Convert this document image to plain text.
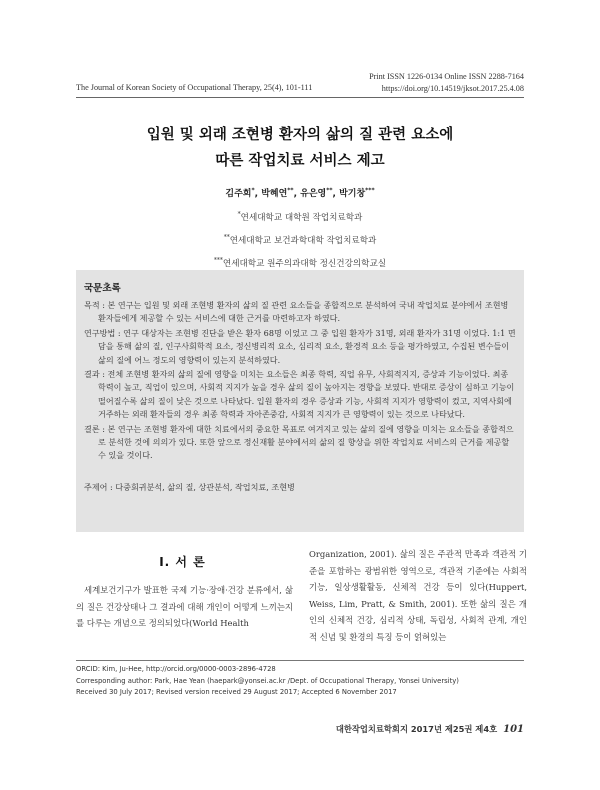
Print ISSN 1226-0134 Online ISSN 2288-7164
https://doi.org/10.14519/jksot.2017.25.4.08
The Journal of Korean Society of Occupational Therapy, 25(4), 101-111
입원 및 외래 조현병 환자의 삶의 질 관련 요소에
따른 작업치료 서비스 제고
김주희*, 박혜연**, 유은영**, 박기창***
*연세대학교 대학원 작업치료학과
**연세대학교 보건과학대학 작업치료학과
***연세대학교 원주의과대학 정신건강의학교실
국문초록
목적 : 본 연구는 입원 및 외래 조현병 환자의 삶의 질 관련 요소들을 종합적으로 분석하여 국내 작업치료 분야에서 조현병 환자들에게 제공할 수 있는 서비스에 대한 근거를 마련하고자 하였다.
연구방법 : 연구 대상자는 조현병 진단을 받은 환자 68명 이었고 그 중 입원 환자가 31명, 외래 환자가 31명 이었다. 1:1 면담을 통해 삶의 질, 인구사회학적 요소, 정신병리적 요소, 심리적 요소, 환경적 요소 등을 평가하였고, 수집된 변수들이 삶의 질에 어느 정도의 영향력이 있는지 분석하였다.
결과 : 전체 조현병 환자의 삶의 질에 영향을 미치는 요소들은 최종 학력, 직업 유무, 사회적지지, 증상과 기능이었다. 최종 학력이 높고, 직업이 있으며, 사회적 지지가 높을 경우 삶의 질이 높아지는 경향을 보였다. 반대로 증상이 심하고 기능이 떨어질수록 삶의 질이 낮은 것으로 나타났다. 입원 환자의 경우 증상과 기능, 사회적 지지가 영향력이 컸고, 지역사회에 거주하는 외래 환자들의 경우 최종 학력과 자아존중감, 사회적 지지가 큰 영향력이 있는 것으로 나타났다.
결론 : 본 연구는 조현병 환자에 대한 치료에서의 중요한 목표로 여겨지고 있는 삶의 질에 영향을 미치는 요소들을 종합적으로 분석한 것에 의의가 있다. 또한 앞으로 정신재활 분야에서의 삶의 질 향상을 위한 작업치료 서비스의 근거를 제공할 수 있을 것이다.
주제어 : 다중회귀분석, 삶의 질, 상관분석, 작업치료, 조현병
Ⅰ. 서 론
세계보건기구가 발표한 국제 기능·장애·건강 분류에서, 삶의 질은 건강상태나 그 결과에 대해 개인이 어떻게 느끼는지를 다루는 개념으로 정의되었다(World Health
Organization, 2001). 삶의 질은 주관적 만족과 객관적 기준을 포함하는 광범위한 영역으로, 객관적 기준에는 사회적 기능, 일상생활활동, 신체적 건강 등이 있다(Huppert, Weiss, Lim, Pratt, & Smith, 2001). 또한 삶의 질은 개인의 신체적 건강, 심리적 상태, 독립성, 사회적 관계, 개인적 신념 및 환경의 특징 등이 얽혀있는
ORCID: Kim, Ju-Hee, http://orcid.org/0000-0003-2896-4728
Corresponding author: Park, Hae Yean (haepark@yonsei.ac.kr /Dept. of Occupational Therapy, Yonsei University)
Received 30 July 2017; Revised version received 29 August 2017; Accepted 6 November 2017
대한작업치료학회지 2017년 제25권 제4호 101
